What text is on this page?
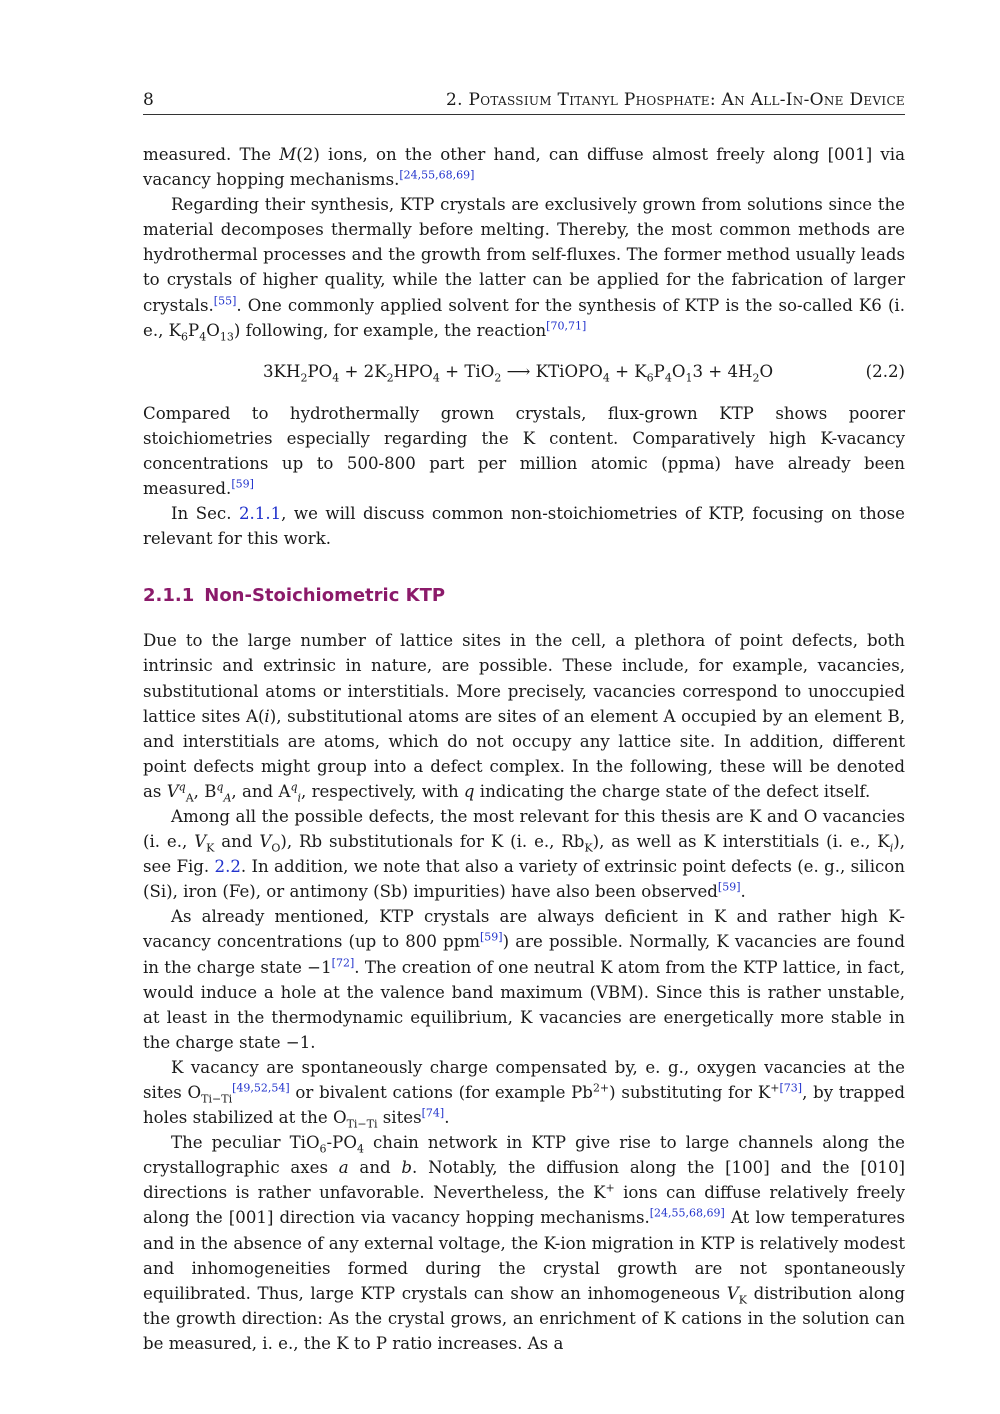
8	2. Potassium Titanyl Phosphate: An All-In-One Device

measured. The M(2) ions, on the other hand, can diffuse almost freely along [001] via vacancy hopping mechanisms.[24,55,68,69]

Regarding their synthesis, KTP crystals are exclusively grown from solutions since the material decomposes thermally before melting. Thereby, the most common methods are hydrothermal processes and the growth from self-fluxes. The former method usually leads to crystals of higher quality, while the latter can be applied for the fabrication of larger crystals.[55]. One commonly applied solvent for the synthesis of KTP is the so-called K6 (i. e., $K_6P_4O_{13}$) following, for example, the reaction[70,71]

$3KH_2PO_4 + 2K_2HPO_4 + TiO_2$ ⟶ KTiOPO$_4$ + $K_6P_4O_13 + 4H_2O$	(2.2)

Compared to hydrothermally grown crystals, flux-grown KTP shows poorer stoichiometries especially regarding the K content. Comparatively high K-vacancy concentrations up to 500-800 part per million atomic (ppma) have already been measured.[59]

In Sec. 2.1.1, we will discuss common non-stoichiometries of KTP, focusing on those relevant for this work.

2.1.1 Non-Stoichiometric KTP

Due to the large number of lattice sites in the cell, a plethora of point defects, both intrinsic and extrinsic in nature, are possible. These include, for example, vacancies, substitutional atoms or interstitials. More precisely, vacancies correspond to unoccupied lattice sites A(i), substitutional atoms are sites of an element A occupied by an element B, and interstitials are atoms, which do not occupy any lattice site. In addition, different point defects might group into a defect complex. In the following, these will be denoted as $V^q_A$, $B^q_A$, and $A^q_i$, respectively, with q indicating the charge state of the defect itself.

Among all the possible defects, the most relevant for this thesis are K and O vacancies (i. e., $V_K$ and $V_O$), Rb substitutionals for K (i. e., $Rb_K$), as well as K interstitials (i. e., $K_i$), see Fig. 2.2. In addition, we note that also a variety of extrinsic point defects (e. g., silicon (Si), iron (Fe), or antimony (Sb) impurities) have also been observed[59].

As already mentioned, KTP crystals are always deficient in K and rather high K-vacancy concentrations (up to 800 ppm[59]) are possible. Normally, K vacancies are found in the charge state −1[72]. The creation of one neutral K atom from the KTP lattice, in fact, would induce a hole at the valence band maximum (VBM). Since this is rather unstable, at least in the thermodynamic equilibrium, K vacancies are energetically more stable in the charge state −1.

K vacancy are spontaneously charge compensated by, e. g., oxygen vacancies at the sites $O_{Ti-Ti}[49,52,54]$ or bivalent cations (for example $Pb^{2+}$) substituting for K$^{+[73]}$, by trapped holes stabilized at the $O_{Ti-Ti}$ sites[74].

The peculiar $TiO_6-PO_4$ chain network in KTP give rise to large channels along the crystallographic axes a and b. Notably, the diffusion along the [100] and the [010] directions is rather unfavorable. Nevertheless, the K+ ions can diffuse relatively freely along the [001] direction via vacancy hopping mechanisms.[24,55,68,69] At low temperatures and in the absence of any external voltage, the K-ion migration in KTP is relatively modest and inhomogeneities formed during the crystal growth are not spontaneously equilibrated. Thus, large KTP crystals can show an inhomogeneous $V_K$ distribution along the growth direction: As the crystal grows, an enrichment of K cations in the solution can be measured, i. e., the K to P ratio increases. As a
